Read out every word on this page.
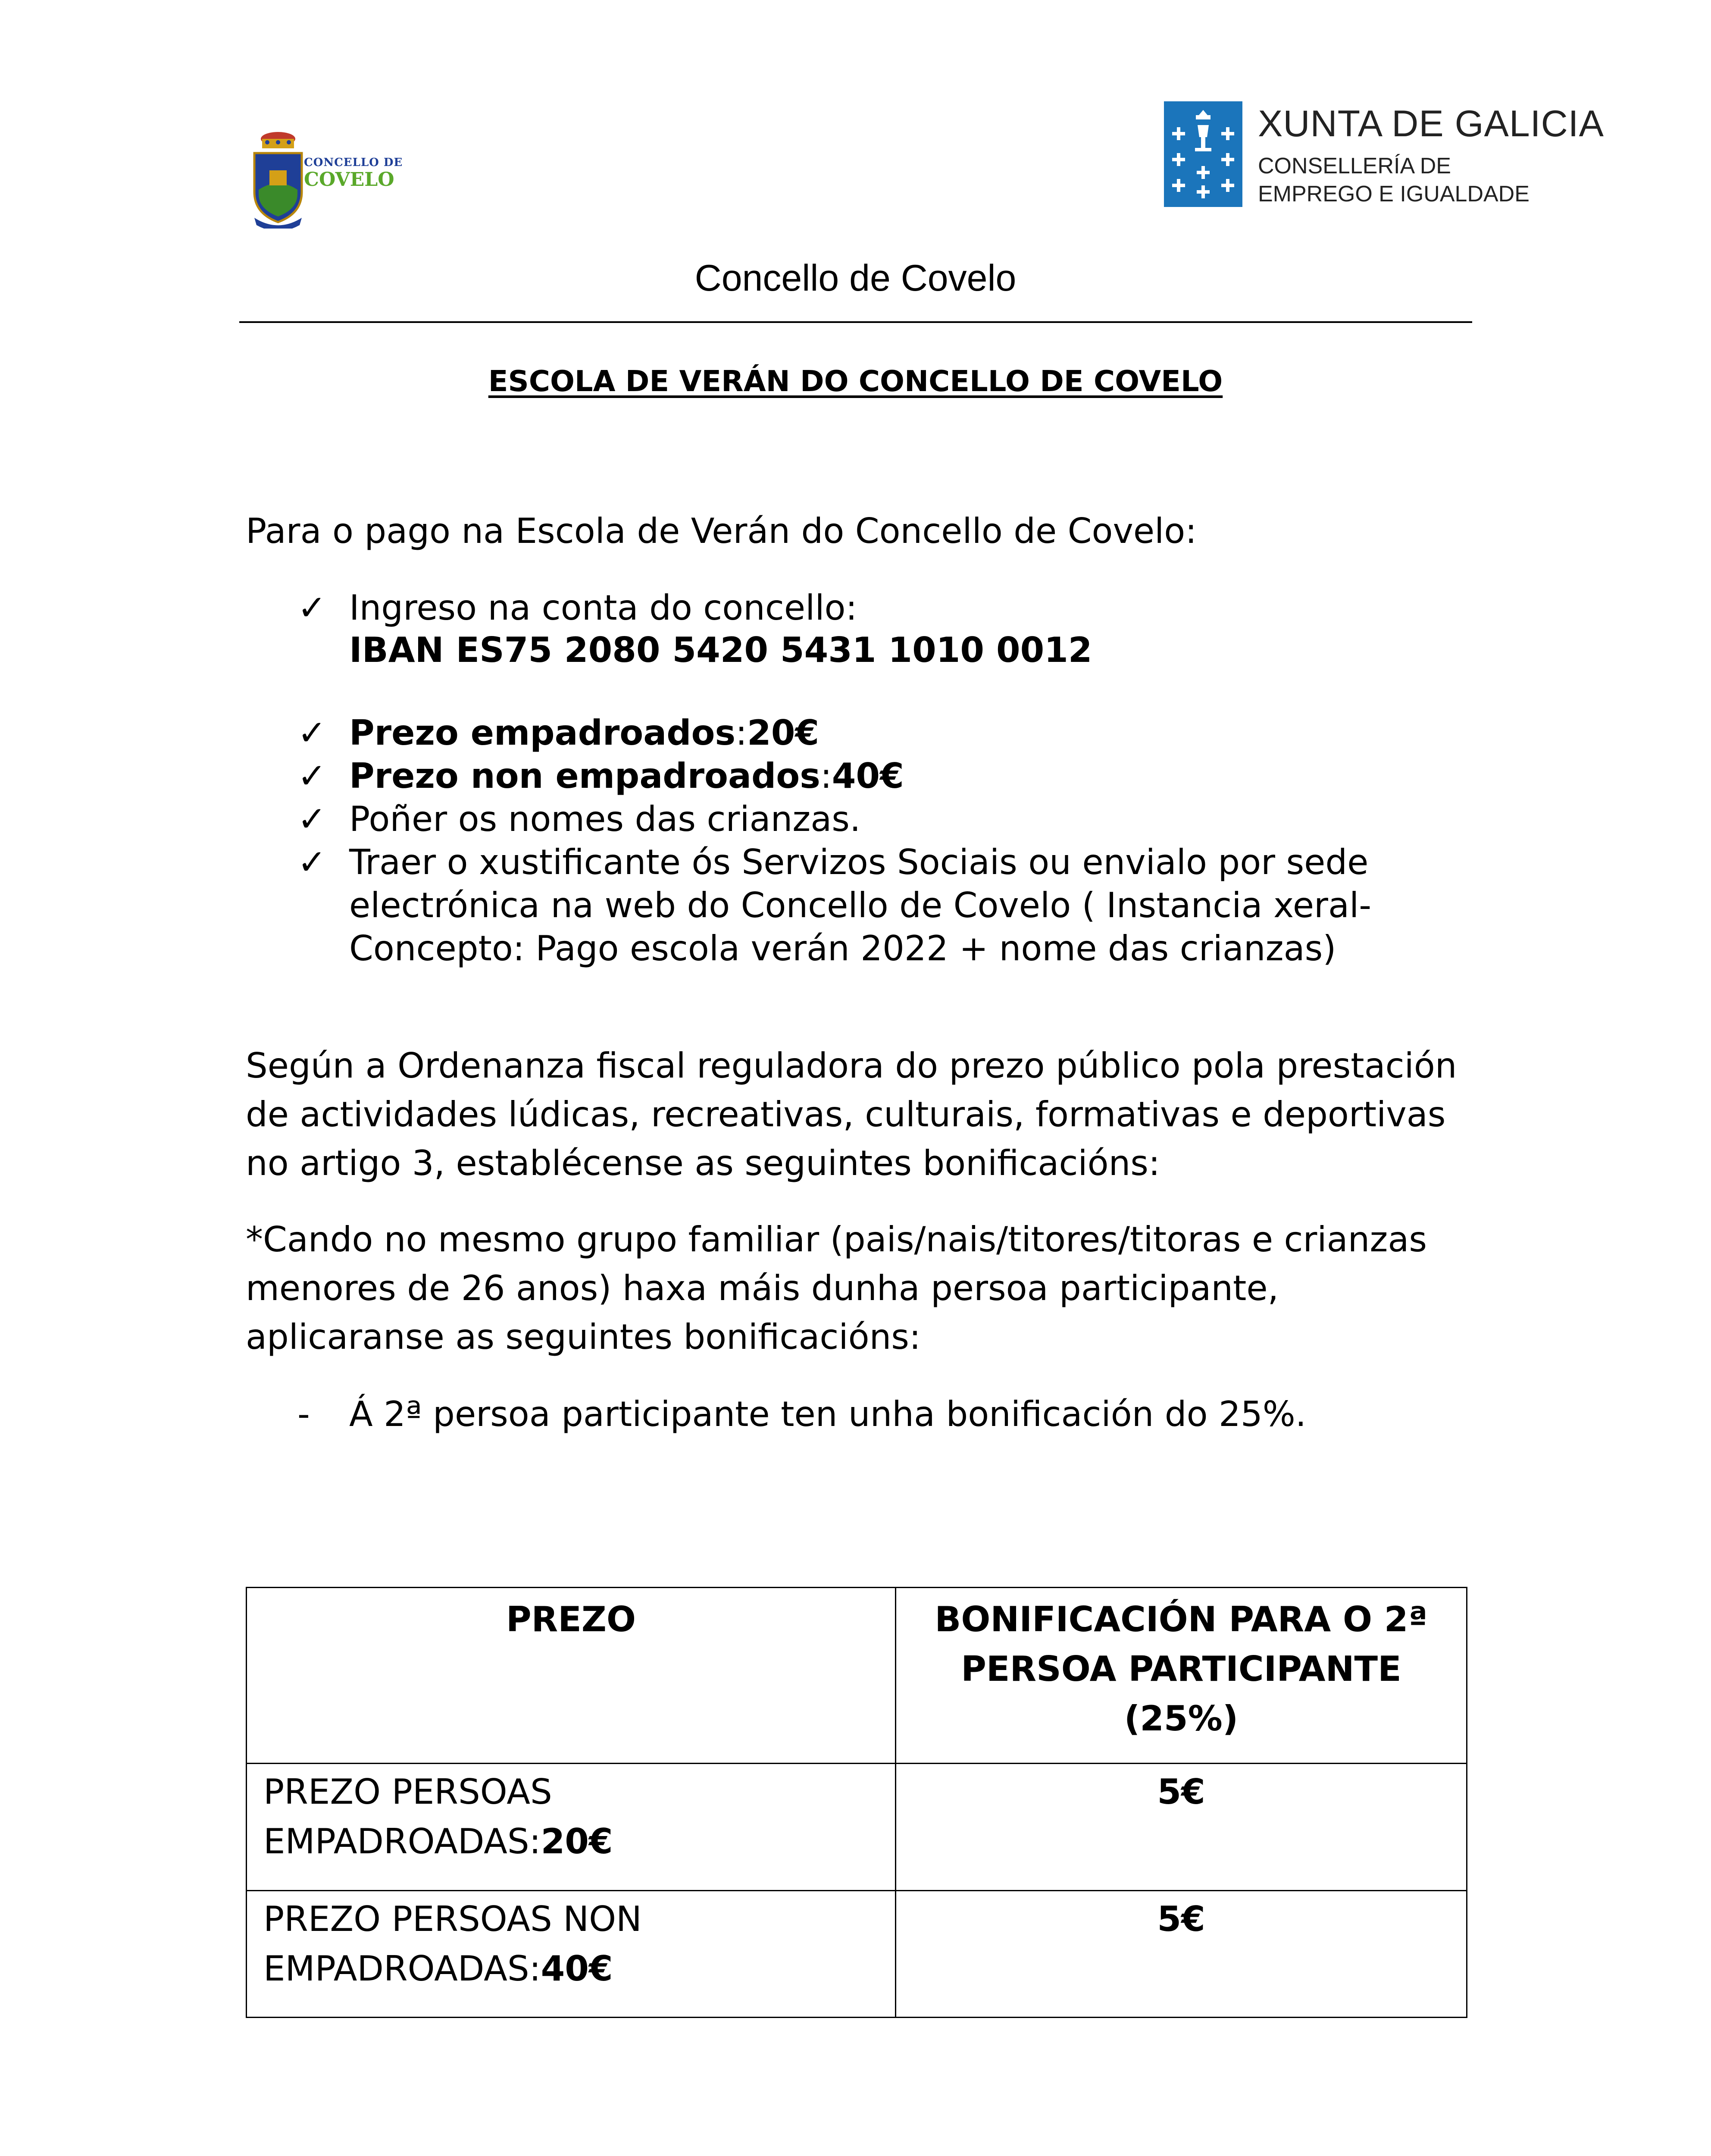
CONCELLO DE
COVELO
XUNTA DE GALICIA
CONSELLERÍA DE
EMPREGO E IGUALDADE
Concello de Covelo
ESCOLA DE VERÁN DO CONCELLO DE COVELO
Para o pago na Escola de Verán do Concello de Covelo:
✓ Ingreso na conta do concello:
IBAN ES75 2080 5420 5431 1010 0012
✓ Prezo empadroados:20€
✓ Prezo non empadroados:40€
✓ Poñer os nomes das crianzas.
✓ Traer o xustificante ós Servizos Sociais ou envialo por sede
electrónica na web do Concello de Covelo ( Instancia xeral-
Concepto: Pago escola verán 2022 + nome das crianzas)
Según a Ordenanza fiscal reguladora do prezo público pola prestación
de actividades lúdicas, recreativas, culturais, formativas e deportivas
no artigo 3, establécense as seguintes bonificacións:
*Cando no mesmo grupo familiar (pais/nais/titores/titoras e crianzas
menores de 26 anos) haxa máis dunha persoa participante,
aplicaranse as seguintes bonificacións:
- Á 2ª persoa participante ten unha bonificación do 25%.
PREZO	BONIFICACIÓN PARA O 2ª
PERSOA PARTICIPANTE
(25%)
PREZO PERSOAS
EMPADROADAS:20€
5€
PREZO PERSOAS NON
EMPADROADAS:40€
5€
